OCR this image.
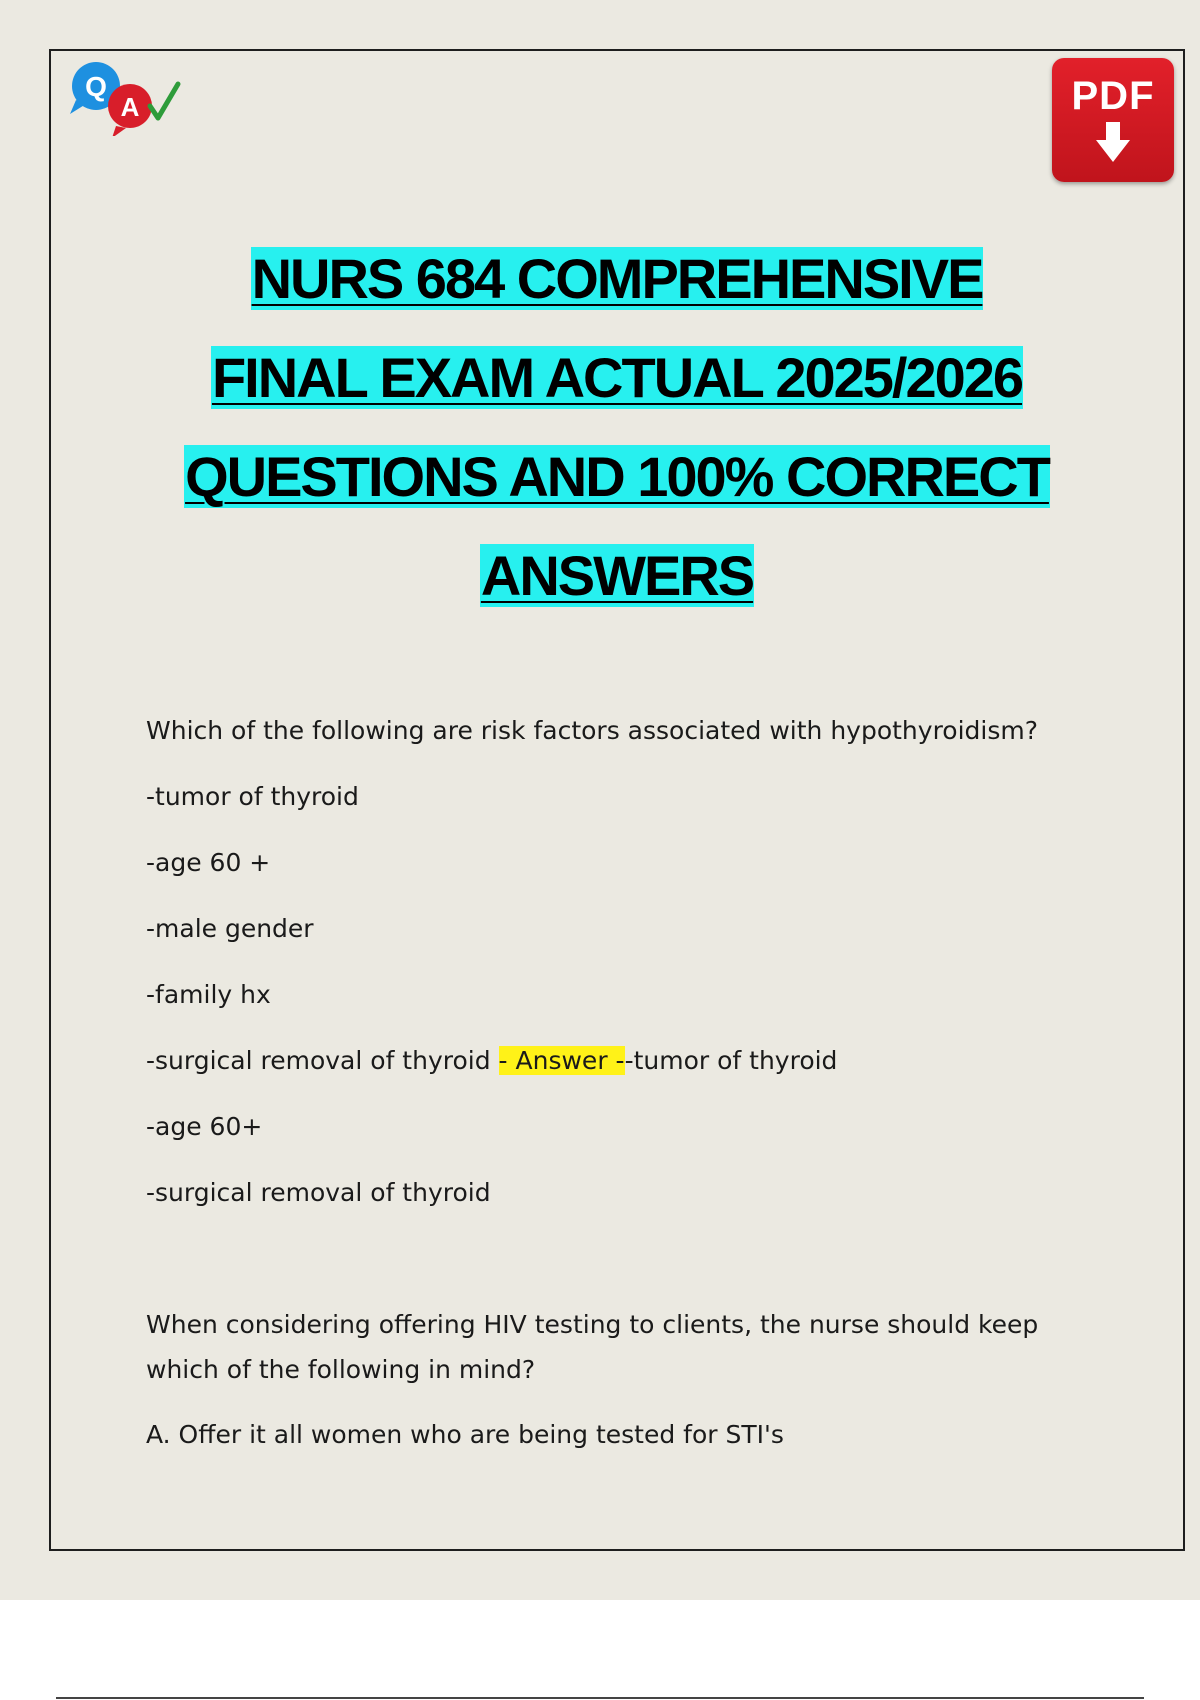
Q
A	PDF
NURS 684 COMPREHENSIVE
FINAL EXAM ACTUAL 2025/2026
QUESTIONS AND 100% CORRECT
ANSWERS

Which of the following are risk factors associated with hypothyroidism?

-tumor of thyroid

-age 60 +

-male gender

-family hx

-surgical removal of thyroid - Answer --tumor of thyroid

-age 60+

-surgical removal of thyroid

When considering offering HIV testing to clients, the nurse should keep which of the following in mind?

A. Offer it all women who are being tested for STI's
